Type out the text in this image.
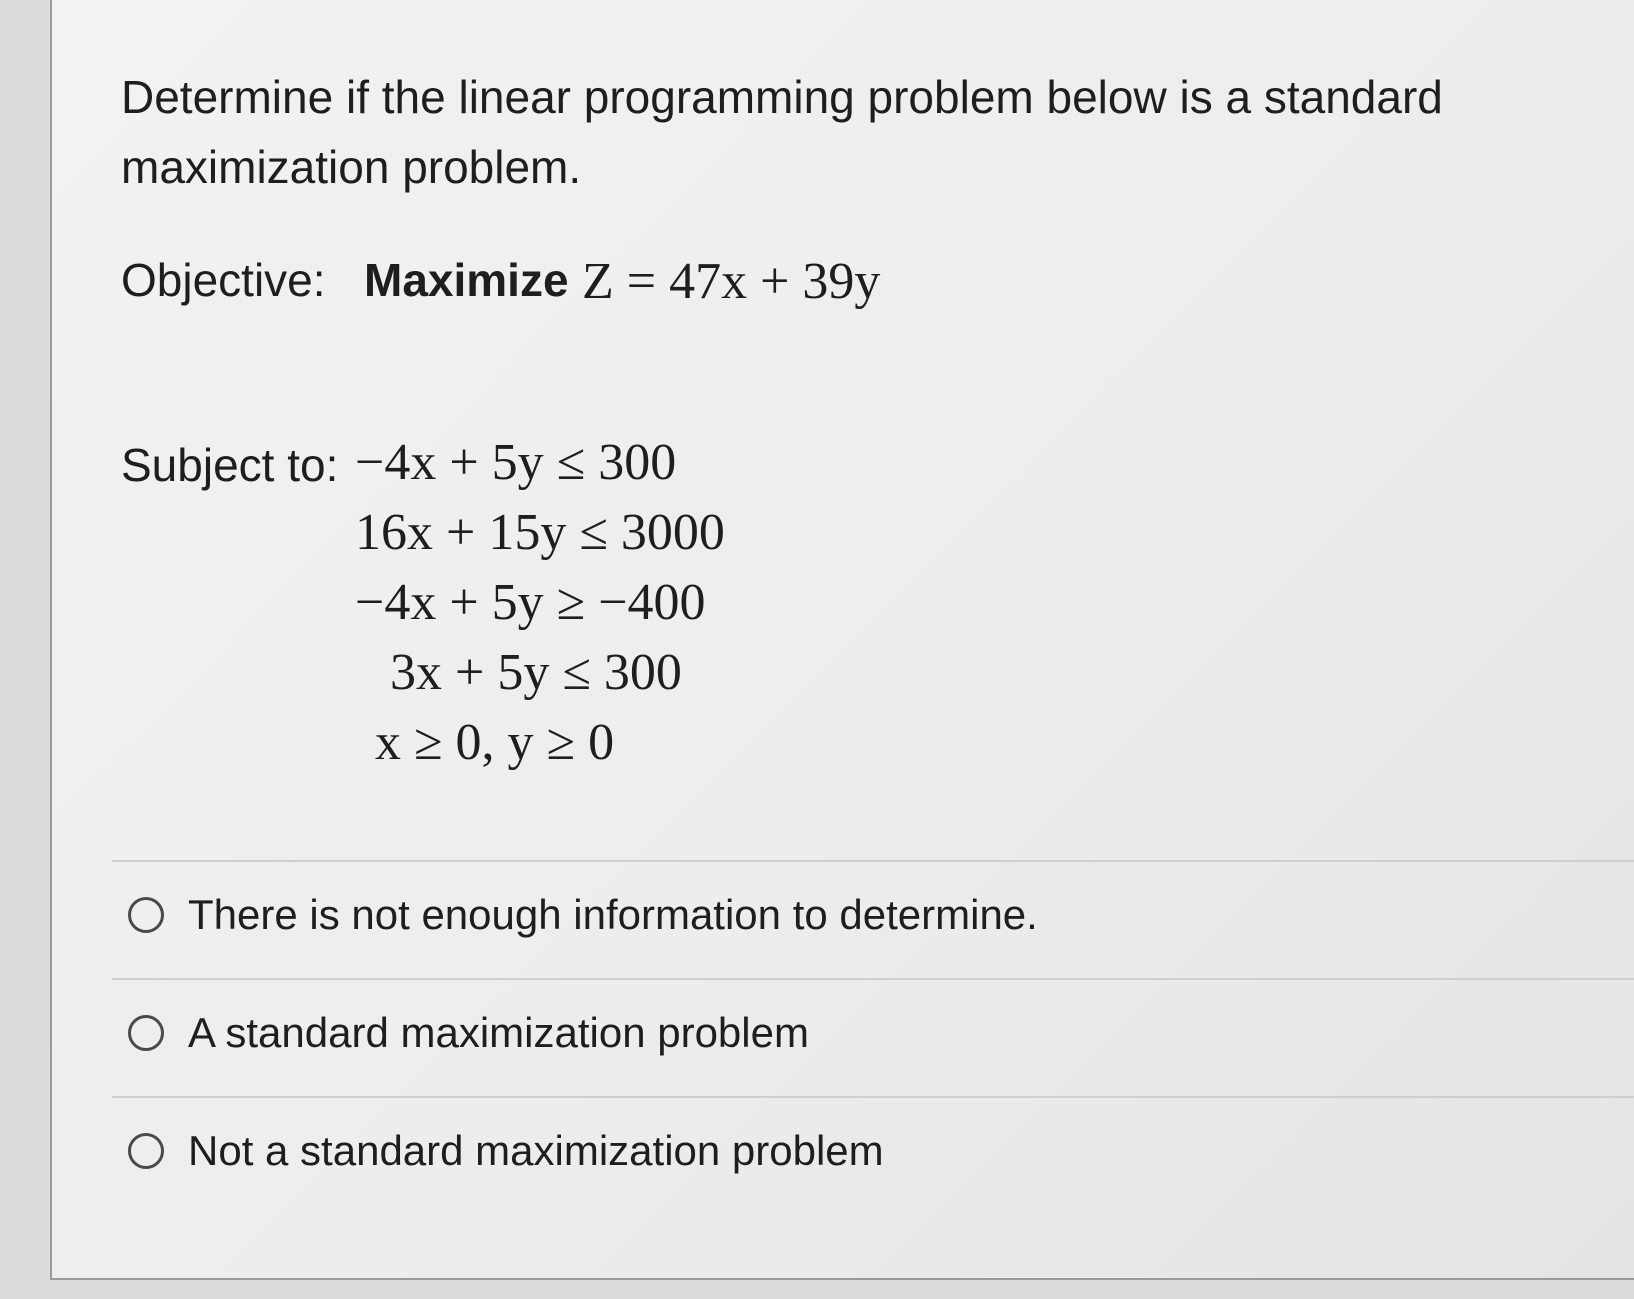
Determine if the linear programming problem below is a standard maximization problem.

Objective: Maximize Z = 47x + 39y
Subject to: −4x + 5y ≤ 300
16x + 15y ≤ 3000
−4x + 5y ≥ −400
3x + 5y ≤ 300
x ≥ 0, y ≥ 0
There is not enough information to determine.
A standard maximization problem
Not a standard maximization problem
